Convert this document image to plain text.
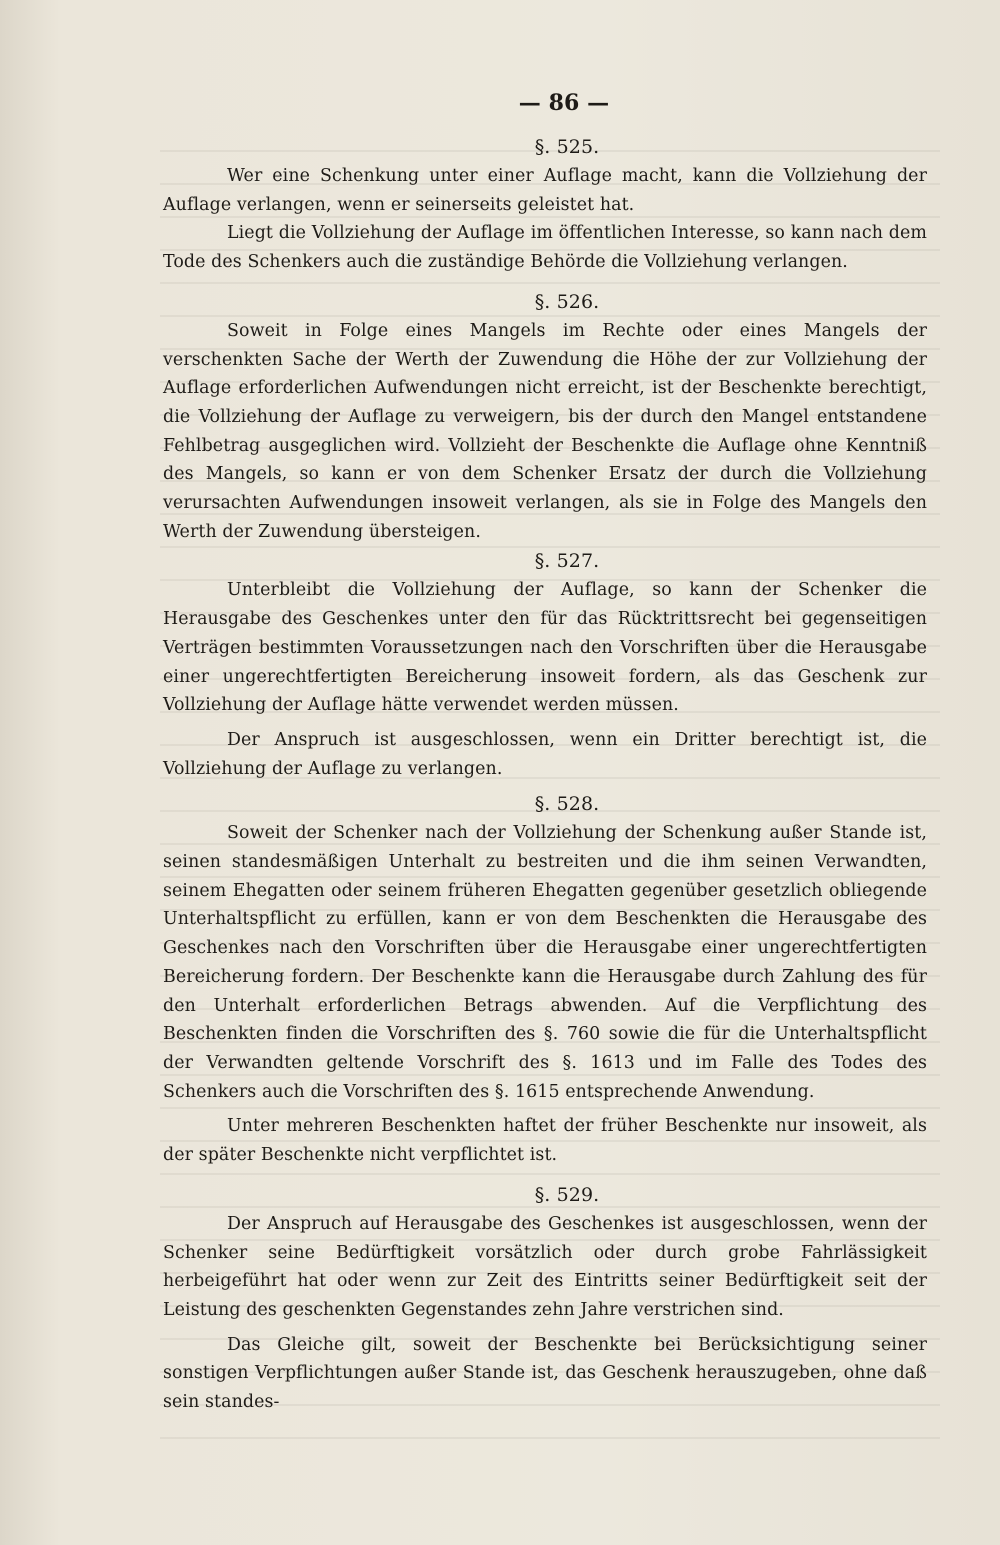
— 86 —
§. 525.

Wer eine Schenkung unter einer Auflage macht, kann die Vollziehung der Auflage verlangen, wenn er seinerseits geleistet hat.

Liegt die Vollziehung der Auflage im öffentlichen Interesse, so kann nach dem Tode des Schenkers auch die zuständige Behörde die Vollziehung verlangen.

§. 526.

Soweit in Folge eines Mangels im Rechte oder eines Mangels der verschenkten Sache der Werth der Zuwendung die Höhe der zur Vollziehung der Auflage erforderlichen Aufwendungen nicht erreicht, ist der Beschenkte berechtigt, die Vollziehung der Auflage zu verweigern, bis der durch den Mangel entstandene Fehlbetrag ausgeglichen wird. Vollzieht der Beschenkte die Auflage ohne Kenntniß des Mangels, so kann er von dem Schenker Ersatz der durch die Vollziehung verursachten Aufwendungen insoweit verlangen, als sie in Folge des Mangels den Werth der Zuwendung übersteigen.

§. 527.

Unterbleibt die Vollziehung der Auflage, so kann der Schenker die Herausgabe des Geschenkes unter den für das Rücktrittsrecht bei gegenseitigen Verträgen bestimmten Voraussetzungen nach den Vorschriften über die Herausgabe einer ungerechtfertigten Bereicherung insoweit fordern, als das Geschenk zur Vollziehung der Auflage hätte verwendet werden müssen.

Der Anspruch ist ausgeschlossen, wenn ein Dritter berechtigt ist, die Vollziehung der Auflage zu verlangen.

§. 528.

Soweit der Schenker nach der Vollziehung der Schenkung außer Stande ist, seinen standesmäßigen Unterhalt zu bestreiten und die ihm seinen Verwandten, seinem Ehegatten oder seinem früheren Ehegatten gegenüber gesetzlich obliegende Unterhaltspflicht zu erfüllen, kann er von dem Beschenkten die Herausgabe des Geschenkes nach den Vorschriften über die Herausgabe einer ungerechtfertigten Bereicherung fordern. Der Beschenkte kann die Herausgabe durch Zahlung des für den Unterhalt erforderlichen Betrags abwenden. Auf die Verpflichtung des Beschenkten finden die Vorschriften des §. 760 sowie die für die Unterhaltspflicht der Verwandten geltende Vorschrift des §. 1613 und im Falle des Todes des Schenkers auch die Vorschriften des §. 1615 entsprechende Anwendung.

Unter mehreren Beschenkten haftet der früher Beschenkte nur insoweit, als der später Beschenkte nicht verpflichtet ist.

§. 529.

Der Anspruch auf Herausgabe des Geschenkes ist ausgeschlossen, wenn der Schenker seine Bedürftigkeit vorsätzlich oder durch grobe Fahrlässigkeit herbeigeführt hat oder wenn zur Zeit des Eintritts seiner Bedürftigkeit seit der Leistung des geschenkten Gegenstandes zehn Jahre verstrichen sind.

Das Gleiche gilt, soweit der Beschenkte bei Berücksichtigung seiner sonstigen Verpflichtungen außer Stande ist, das Geschenk herauszugeben, ohne daß sein standes-
